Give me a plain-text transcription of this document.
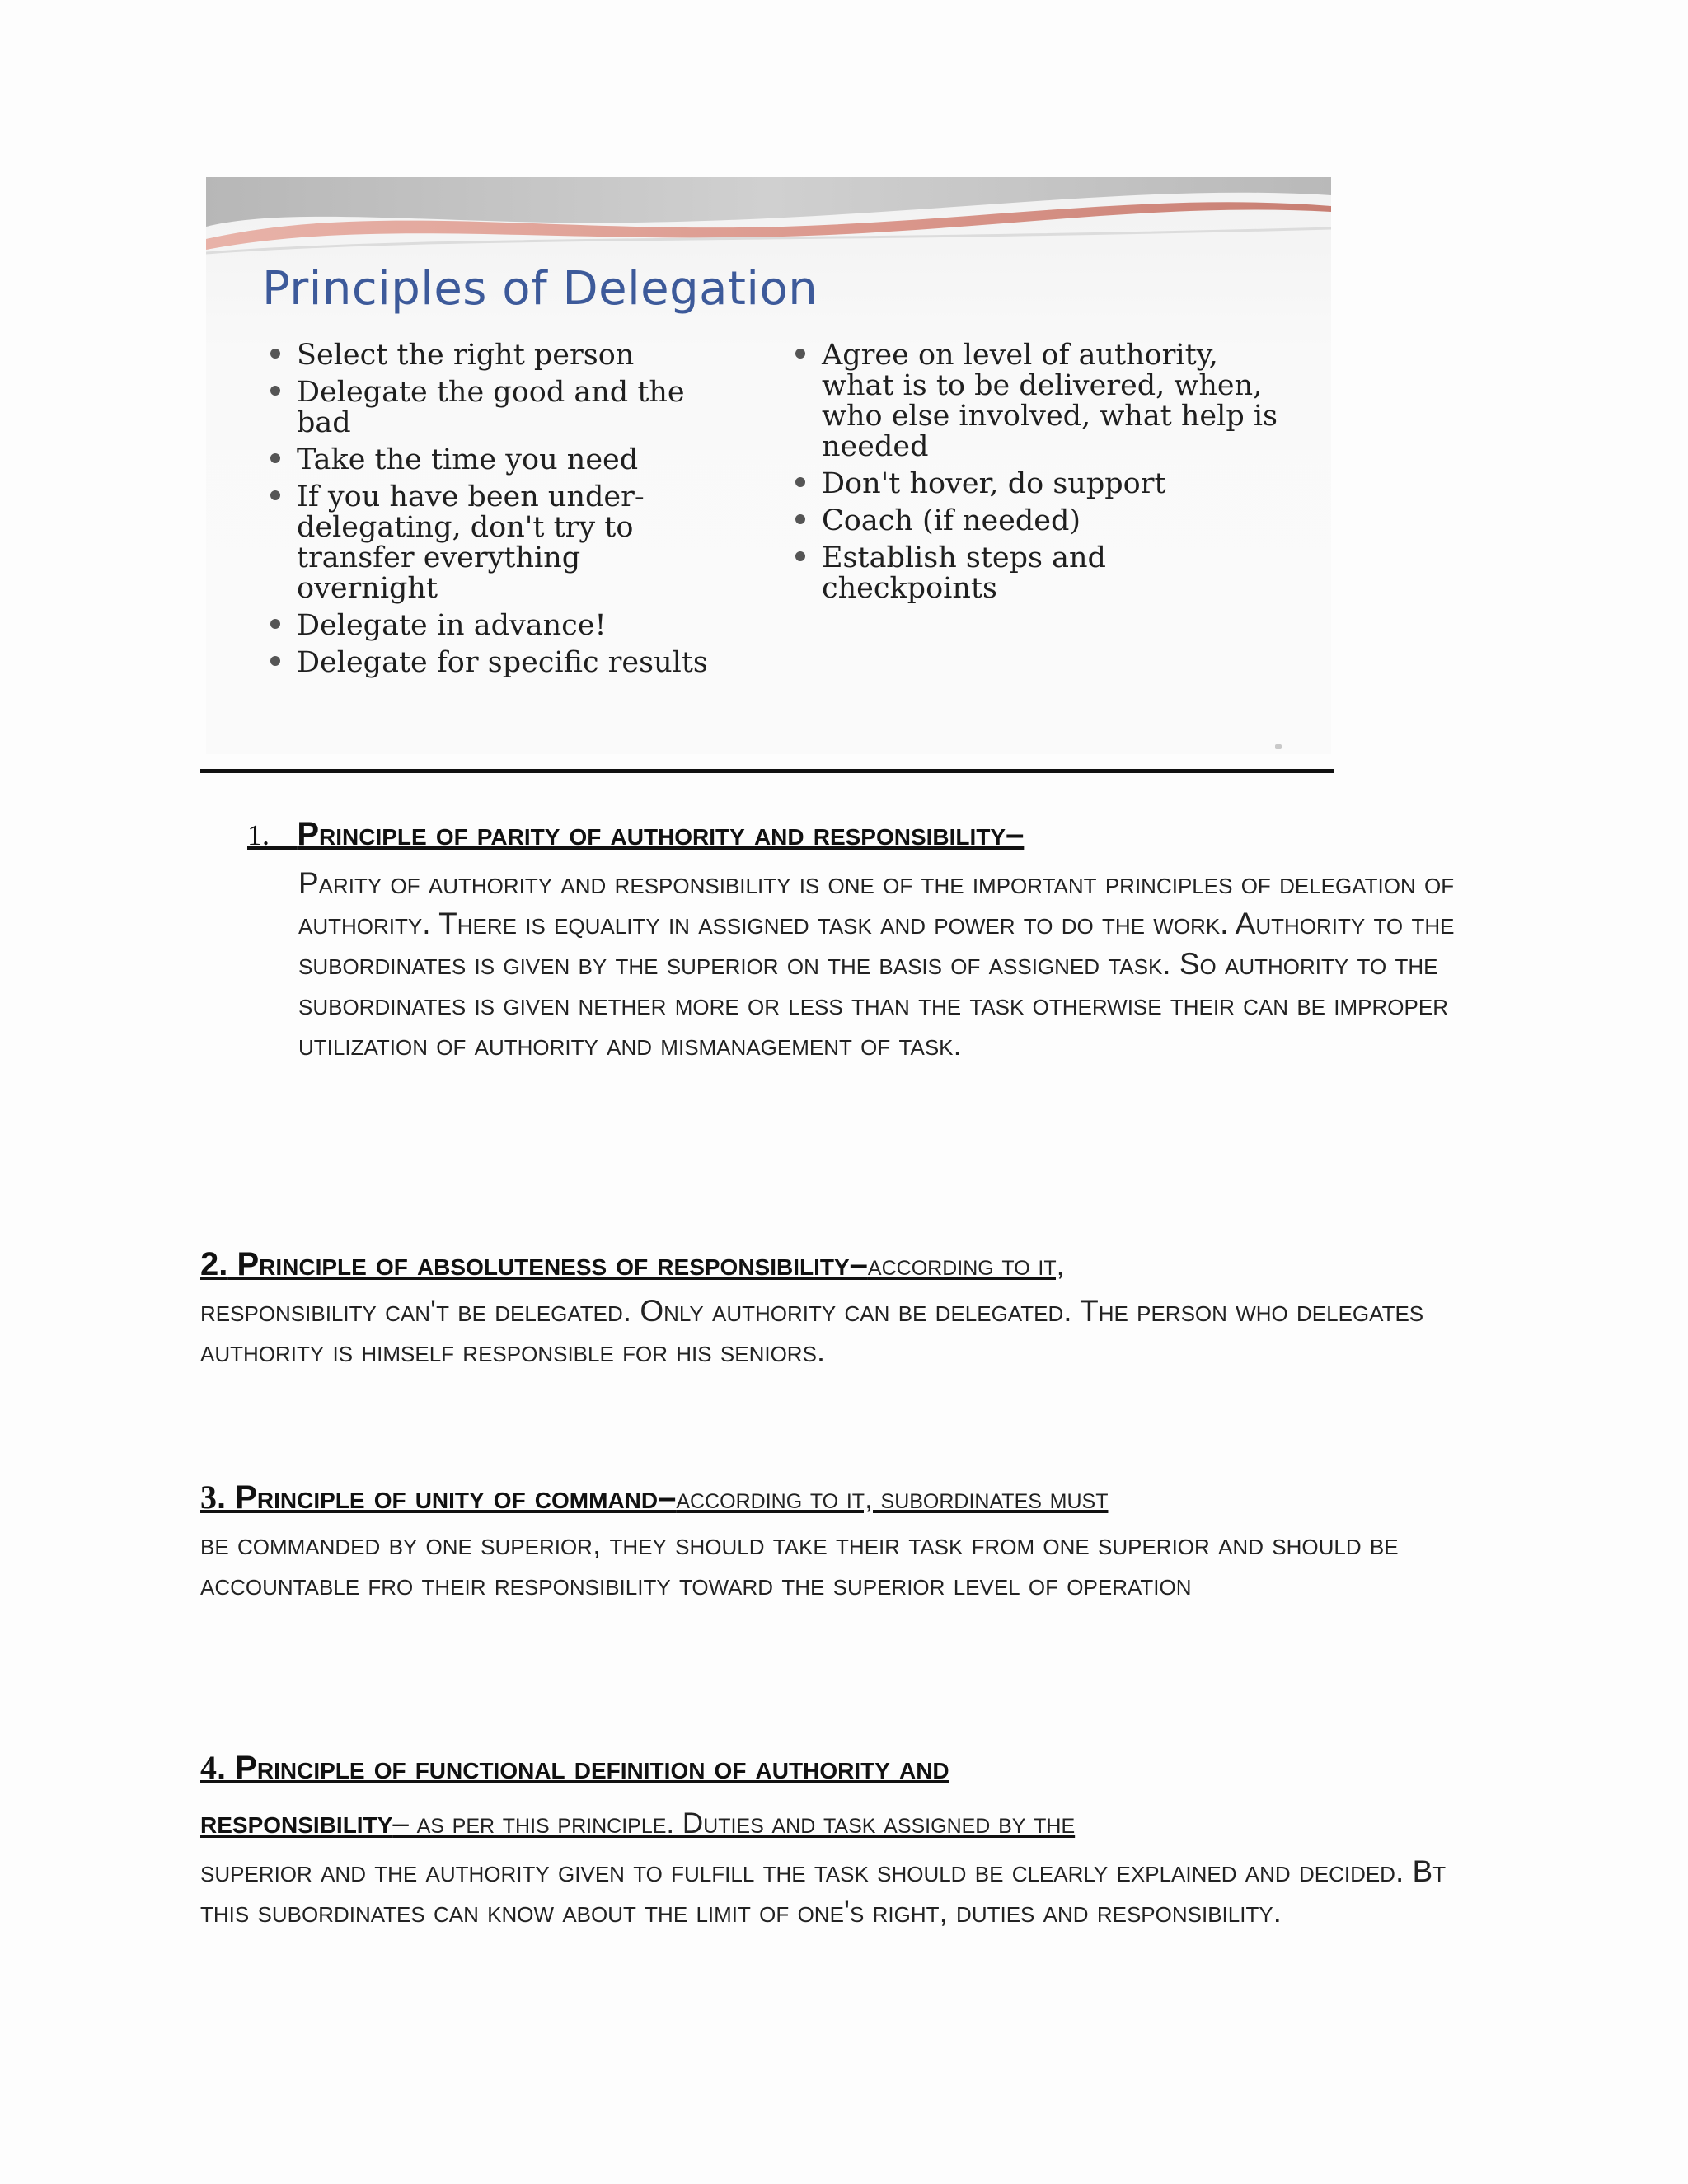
Principles of Delegation
Select the right person
Delegate the good and the bad
Take the time you need
If you have been under-delegating, don't try to transfer everything overnight
Delegate in advance!
Delegate for specific results
Agree on level of authority, what is to be delivered, when, who else involved, what help is needed
Don't hover, do support
Coach (if needed)
Establish steps and checkpoints
1. Principle of parity of authority and responsibility–

Parity of authority and responsibility is one of the important principles of delegation of authority. There is equality in assigned task and power to do the work. Authority to the subordinates is given by the superior on the basis of assigned task. So authority to the subordinates is given nether more or less than the task otherwise their can be improper utilization of authority and mismanagement of task.

2. Principle of absoluteness of responsibility–according to it,

responsibility can't be delegated. Only authority can be delegated. The person who delegates authority is himself responsible for his seniors.

3. Principle of unity of command–according to it, subordinates must

be commanded by one superior, they should take their task from one superior and should be accountable fro their responsibility toward the superior level of operation

4. Principle of functional definition of authority and
responsibility– as per this principle. Duties and task assigned by the

superior and the authority given to fulfill the task should be clearly explained and decided. Bt this subordinates can know about the limit of one's right, duties and responsibility.
